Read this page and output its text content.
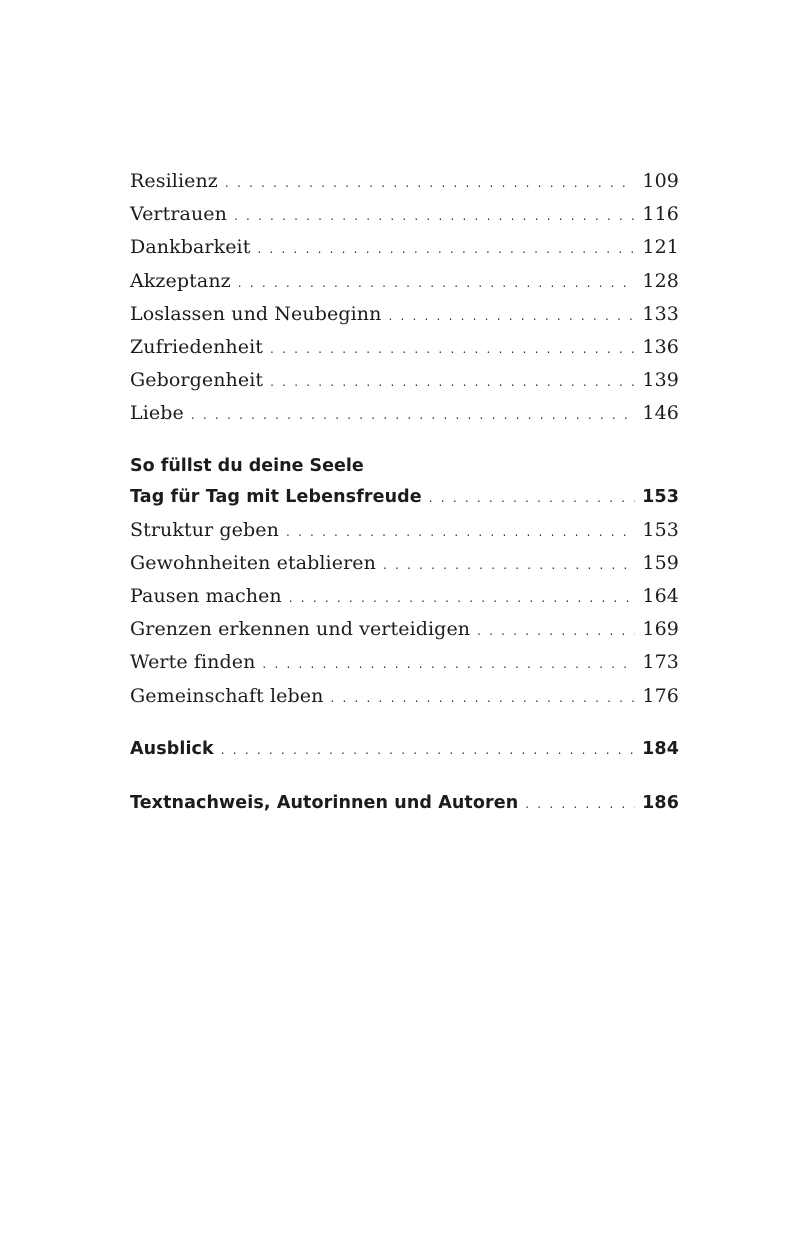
Resilienz . . .	109
Vertrauen . . .	116
Dankbarkeit . . .	121
Akzeptanz . . .	128
Loslassen und Neubeginn . . .	133
Zufriedenheit . . .	136
Geborgenheit . . .	139
Liebe . . .	146
So füllst du deine Seele
Tag für Tag mit Lebensfreude . . .	153
Struktur geben . . .	153
Gewohnheiten etablieren . . .	159
Pausen machen . . .	164
Grenzen erkennen und verteidigen . . .	169
Werte finden . . .	173
Gemeinschaft leben . . .	176
Ausblick . . .	184
Textnachweis, Autorinnen und Autoren . . .	186
